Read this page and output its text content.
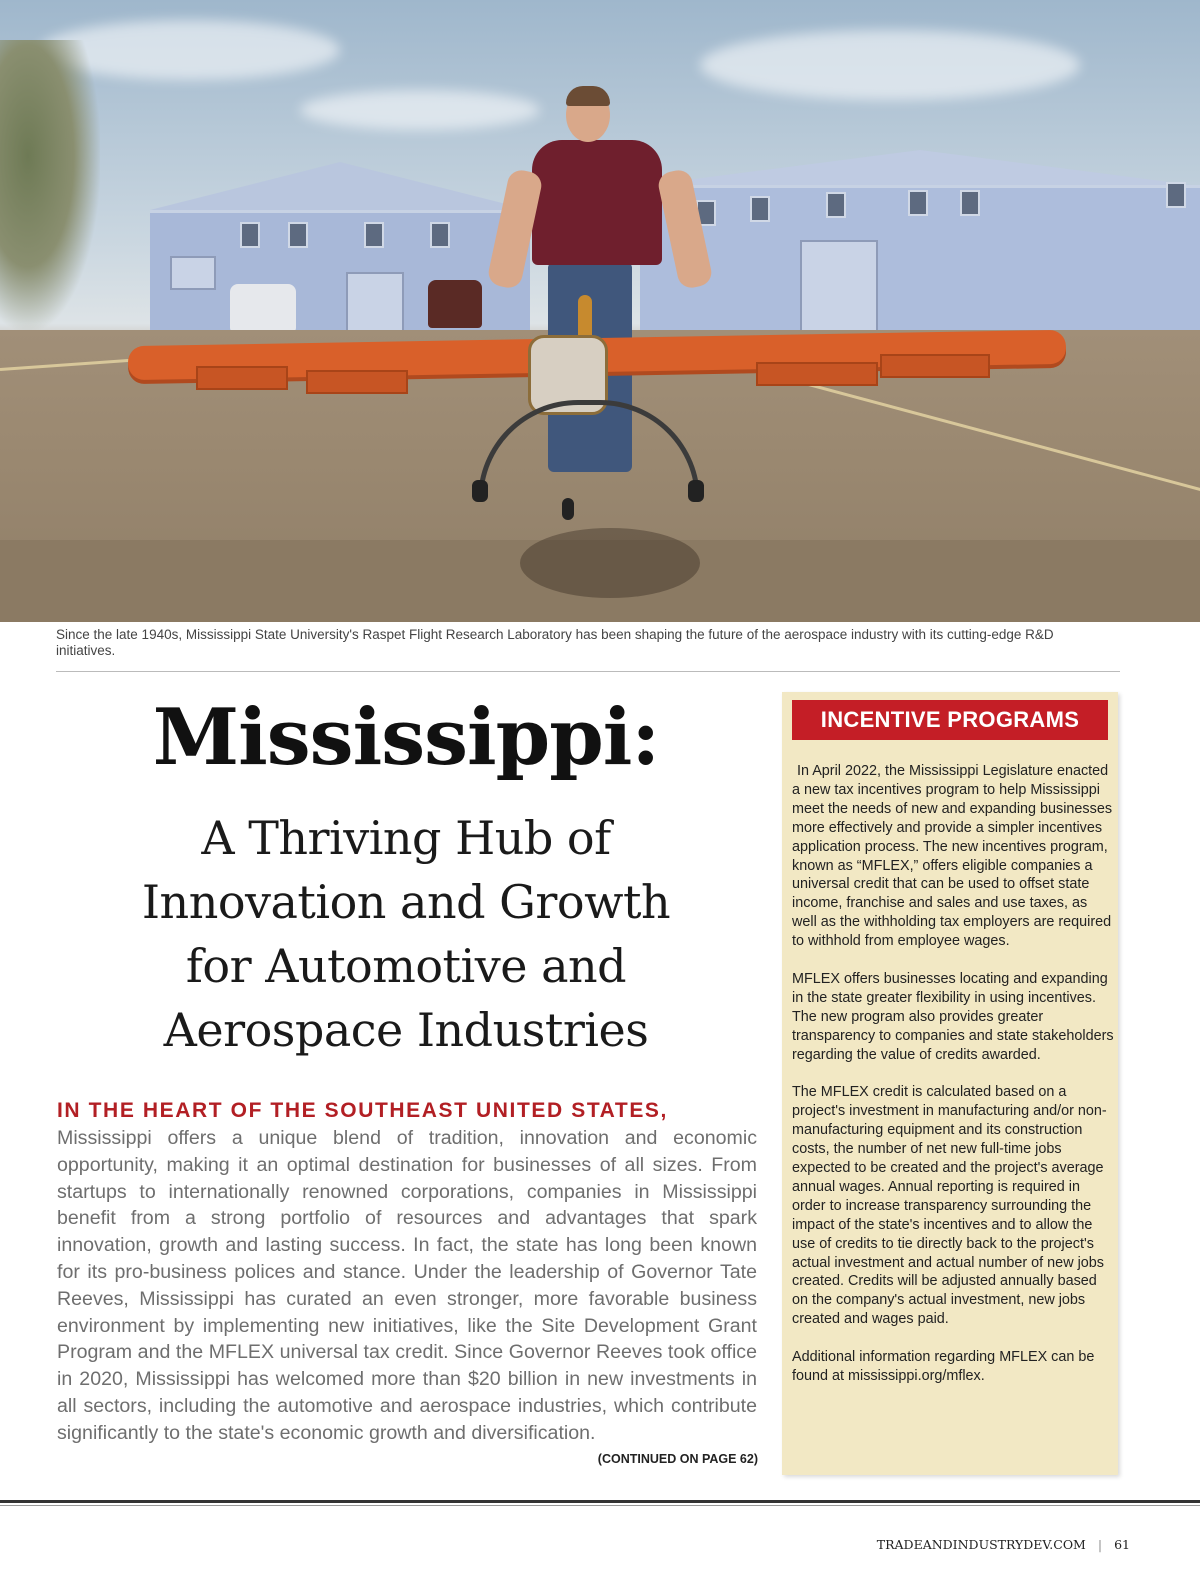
Since the late 1940s, Mississippi State University's Raspet Flight Research Laboratory has been shaping the future of the aerospace industry with its cutting-edge R&D initiatives.
Mississippi:
A Thriving Hub of
Innovation and Growth
for Automotive and
Aerospace Industries
IN THE HEART OF THE SOUTHEAST UNITED STATES,

Mississippi offers a unique blend of tradition, innovation and economic opportunity, making it an optimal destination for businesses of all sizes. From startups to internationally renowned corporations, companies in Mississippi benefit from a strong portfolio of resources and advantages that spark innovation, growth and lasting success. In fact, the state has long been known for its pro-business polices and stance. Under the leadership of Governor Tate Reeves, Mississippi has curated an even stronger, more favorable business environment by implementing new initiatives, like the Site Development Grant Program and the MFLEX universal tax credit. Since Governor Reeves took office in 2020, Mississippi has welcomed more than $20 billion in new investments in all sectors, including the automotive and aerospace industries, which contribute significantly to the state's economic growth and diversification.

(CONTINUED ON PAGE 62)
INCENTIVE PROGRAMS

In April 2022, the Mississippi Legislature enacted a new tax incentives program to help Mississippi meet the needs of new and expanding businesses more effectively and provide a simpler incentives application process. The new incentives program, known as “MFLEX,” offers eligible companies a universal credit that can be used to offset state income, franchise and sales and use taxes, as well as the withholding tax employers are required to withhold from employee wages.

MFLEX offers businesses locating and expanding in the state greater flexibility in using incentives. The new program also provides greater transparency to companies and state stakeholders regarding the value of credits awarded.

The MFLEX credit is calculated based on a project's investment in manufacturing and/or non-manufacturing equipment and its construction costs, the number of net new full-time jobs expected to be created and the project's average annual wages. Annual reporting is required in order to increase transparency surrounding the impact of the state's incentives and to allow the use of credits to tie directly back to the project's actual investment and actual number of new jobs created. Credits will be adjusted annually based on the company's actual investment, new jobs created and wages paid.

Additional information regarding MFLEX can be found at mississippi.org/mflex.

TRADEANDINDUSTRYDEV.COM | 61
